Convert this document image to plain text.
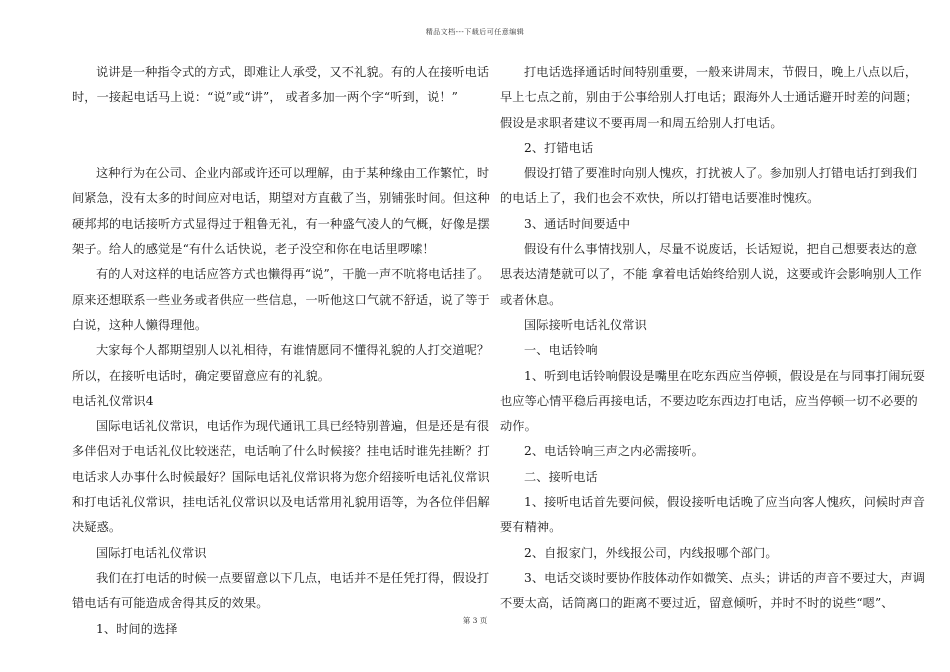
精品文档---下载后可任意编辑

说讲是一种指令式的方式，即难让人承受，又不礼貌。有的人在接听电话

时，一接起电话马上说：“说”或“讲”， 或者多加一两个字“听到，说！”

这种行为在公司、企业内部或许还可以理解，由于某种缘由工作繁忙，时

间紧急，没有太多的时间应对电话，期望对方直截了当，别铺张时间。但这种

硬邦邦的电话接听方式显得过于粗鲁无礼，有一种盛气凌人的气概，好像是摆

架子。给人的感觉是“有什么话快说，老子没空和你在电话里啰嗦！

有的人对这样的电话应答方式也懒得再“说”，干脆一声不吭将电话挂了。

原来还想联系一些业务或者供应一些信息，一听他这口气就不舒适，说了等于

白说，这种人懒得理他。

大家每个人都期望别人以礼相待，有谁情愿同不懂得礼貌的人打交道呢？

所以，在接听电话时，确定要留意应有的礼貌。

电话礼仪常识4

国际电话礼仪常识，电话作为现代通讯工具已经特别普遍，但是还是有很

多伴侣对于电话礼仪比较迷茫，电话响了什么时候接？挂电话时谁先挂断？打

电话求人办事什么时候最好？国际电话礼仪常识将为您介绍接听电话礼仪常识

和打电话礼仪常识，挂电话礼仪常识以及电话常用礼貌用语等，为各位伴侣解

决疑惑。

国际打电话礼仪常识

我们在打电话的时候一点要留意以下几点，电话并不是任凭打得，假设打

错电话有可能造成舍得其反的效果。

1、时间的选择

打电话选择通话时间特别重要，一般来讲周末，节假日，晚上八点以后，

早上七点之前，别由于公事给别人打电话；跟海外人士通话避开时差的问题；

假设是求职者建议不要再周一和周五给别人打电话。

2、打错电话

假设打错了要准时向别人愧疚，打扰被人了。参加别人打错电话打到我们

的电话上了，我们也会不欢快，所以打错电话要准时愧疚。

3、通话时间要适中

假设有什么事情找别人，尽量不说废话，长话短说，把自己想要表达的意

思表达清楚就可以了，不能 拿着电话始终给别人说，这要或许会影响别人工作

或者休息。

国际接听电话礼仪常识

一、电话铃响

1、听到电话铃响假设是嘴里在吃东西应当停顿，假设是在与同事打闹玩耍

也应等心情平稳后再接电话，不要边吃东西边打电话，应当停顿一切不必要的

动作。

2、电话铃响三声之内必需接听。

二、接听电话

1、接听电话首先要问候，假设接听电话晚了应当向客人愧疚，问候时声音

要有精神。

2、自报家门，外线报公司，内线报哪个部门。

3、电话交谈时要协作肢体动作如微笑、点头；讲话的声音不要过大，声调

不要太高，话筒离口的距离不要过近，留意倾听，并时不时的说些“嗯”、

第 3 页
